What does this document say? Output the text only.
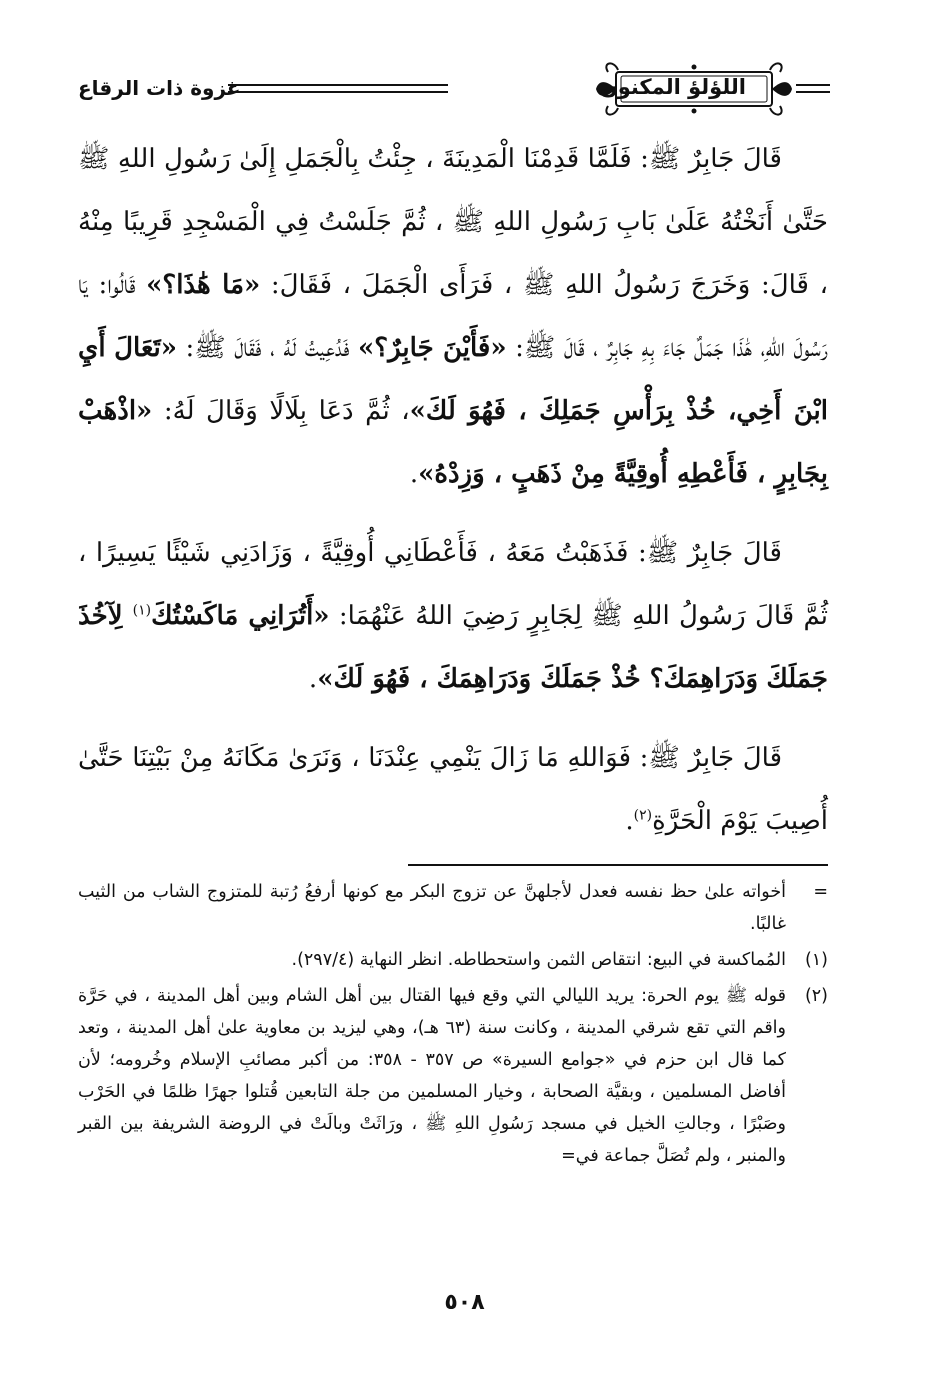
اللؤلؤ المكنون
غزوة ذات الرقاع

قَالَ جَابِرٌ ﷺ: فَلَمَّا قَدِمْنَا الْمَدِينَةَ ، جِئْتُ بِالْجَمَلِ إِلَىٰ رَسُولِ اللهِ ﷺ حَتَّىٰ أَنَخْتُهُ عَلَىٰ بَابِ رَسُولِ اللهِ ﷺ ، ثُمَّ جَلَسْتُ فِي الْمَسْجِدِ قَرِيبًا مِنْهُ ، قَالَ: وَخَرَجَ رَسُولُ اللهِ ﷺ ، فَرَأَى الْجَمَلَ ، فَقَالَ: «مَا هَٰذَا؟» قَالُوا: يَا رَسُولَ اللهِ، هَٰذَا جَمَلٌ جَاءَ بِهِ جَابِرٌ ، قَالَ ﷺ: «فَأَيْنَ جَابِرٌ؟» فَدُعِيتُ لَهُ ، فَقَالَ ﷺ: «تَعَالَ أَيِ ابْنَ أَخِي، خُذْ بِرَأْسِ جَمَلِكَ ، فَهُوَ لَكَ»، ثُمَّ دَعَا بِلَالًا وَقَالَ لَهُ: «اذْهَبْ بِجَابِرٍ ، فَأَعْطِهِ أُوقِيَّةً مِنْ ذَهَبٍ ، وَزِدْهُ».

قَالَ جَابِرٌ ﷺ: فَذَهَبْتُ مَعَهُ ، فَأَعْطَانِي أُوقِيَّةً ، وَزَادَنِي شَيْئًا يَسِيرًا ، ثُمَّ قَالَ رَسُولُ اللهِ ﷺ لِجَابِرٍ رَضِيَ اللهُ عَنْهُمَا: «أَتُرَانِي مَاكَسْتُكَ$^{(١)}$ لِآخُذَ جَمَلَكَ وَدَرَاهِمَكَ؟ خُذْ جَمَلَكَ وَدَرَاهِمَكَ ، فَهُوَ لَكَ».

قَالَ جَابِرٌ ﷺ: فَوَاللهِ مَا زَالَ يَنْمِي عِنْدَنَا ، وَنَرَىٰ مَكَانَهُ مِنْ بَيْتِنَا حَتَّىٰ أُصِيبَ يَوْمَ الْحَرَّةِ$^{(٢)}$.

=
أخواته علىٰ حظ نفسه فعدل لأجلهنَّ عن تزوج البكر مع كونها أرفعُ رُتبة للمتزوج الشاب من الثيب غالبًا.

(١)
المُماكسة في البيع: انتقاص الثمن واستحطاطه. انظر النهاية (٢٩٧/٤).

(٢)
قوله ﷺ يوم الحرة: يريد الليالي التي وقع فيها القتال بين أهل الشام وبين أهل المدينة ، في حَرَّة واقم التي تقع شرقي المدينة ، وكانت سنة (٦٣ هـ)، وهي ليزيد بن معاوية علىٰ أهل المدينة ، وتعد كما قال ابن حزم في «جوامع السيرة» ص ٣٥٧ - ٣٥٨: من أكبر مصائبِ الإسلام وخُرومه؛ لأن أفاضل المسلمين ، وبقيَّة الصحابة ، وخيار المسلمين من جلة التابعين قُتلوا جهرًا ظلمًا في الحَرْب وصَبْرًا ، وجالتِ الخيل في مسجد رَسُولِ اللهِ ﷺ ، ورَاثَتْ وبالَتْ في الروضة الشريفة بين القبر والمنبر ، ولم تُصَلَّ جماعة في=

٥٠٨
